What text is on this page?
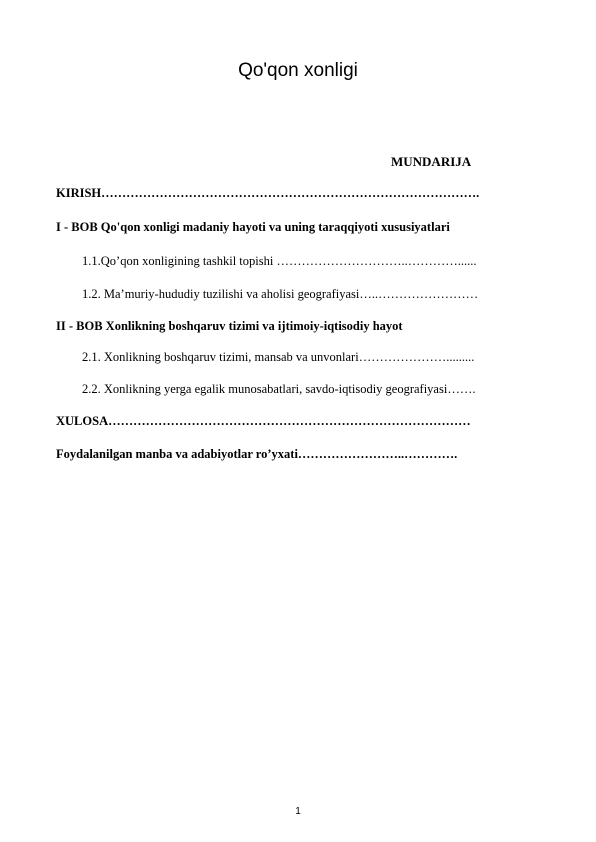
Qo'qon xonligi
MUNDARIJA
KIRISH……………………………………………………………………………….
I - BOB Qo'qon xonligi madaniy hayoti va uning taraqqiyoti xususiyatlari
1.1.Qo’qon xonligining tashkil topishi …………………………..…………......
1.2. Ma’muriy-hududiy tuzilishi va aholisi geografiyasi…..……………………
II - BOB Xonlikning boshqaruv tizimi va ijtimoiy-iqtisodiy hayot
2.1. Xonlikning boshqaruv tizimi, mansab va unvonlari………………….........
2.2. Xonlikning yerga egalik munosabatlari, savdo-iqtisodiy geografiyasi…….
XULOSA……………………………………………………………………………
Foydalanilgan manba va adabiyotlar ro’yxati……………………..………….
1
